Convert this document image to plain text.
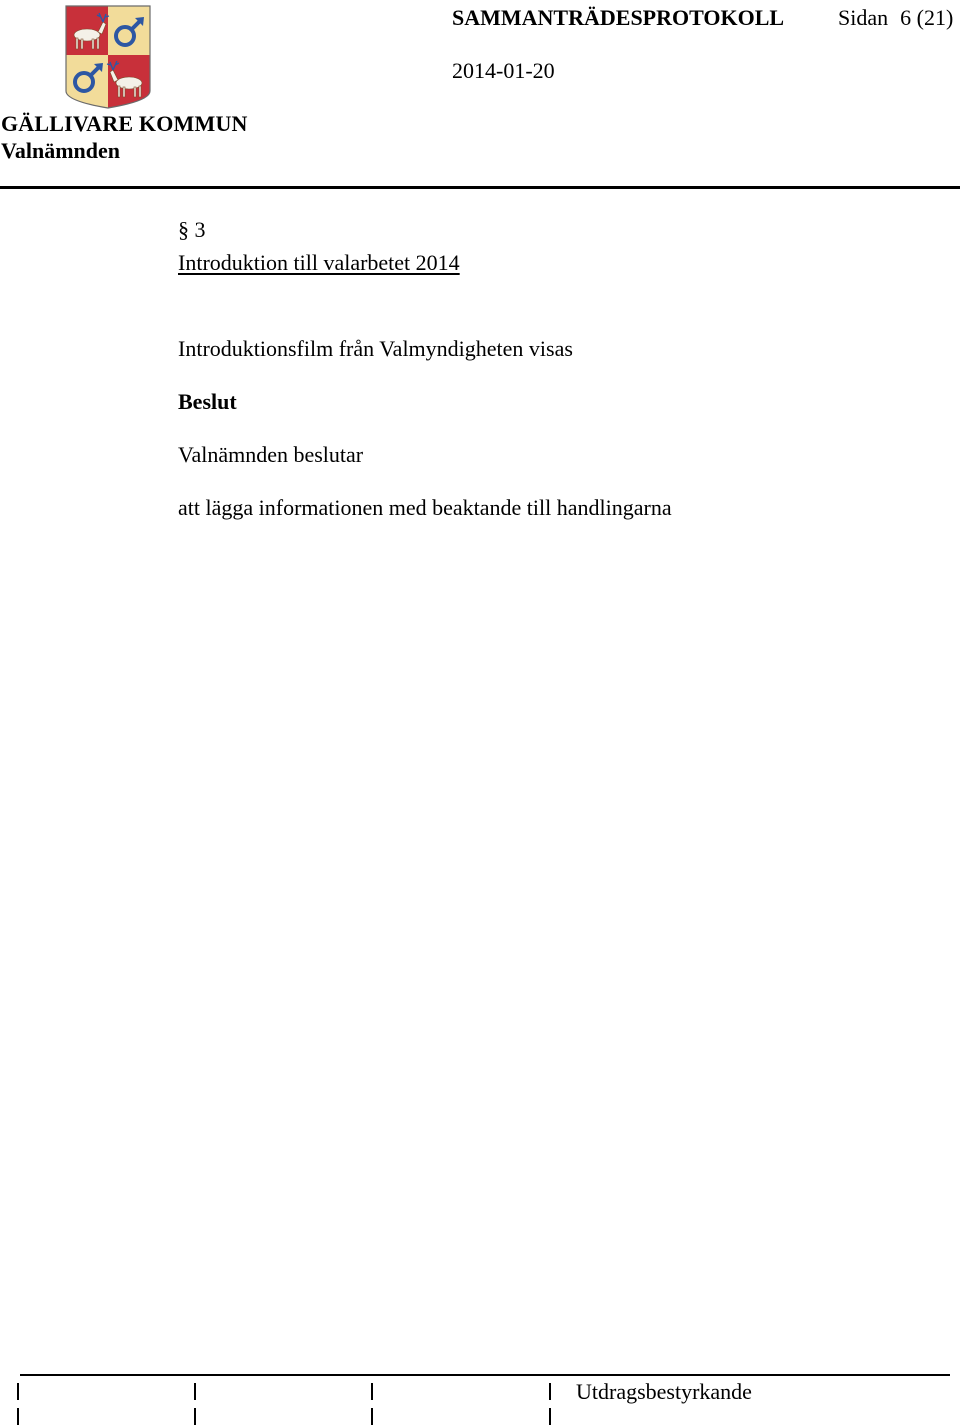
GÄLLIVARE KOMMUN
Valnämnden
SAMMANTRÄDESPROTOKOLL Sidan 6 (21)
2014-01-20
§ 3
Introduktion till valarbetet 2014
Introduktionsfilm från Valmyndigheten visas
Beslut
Valnämnden beslutar
att lägga informationen med beaktande till handlingarna
Utdragsbestyrkande
